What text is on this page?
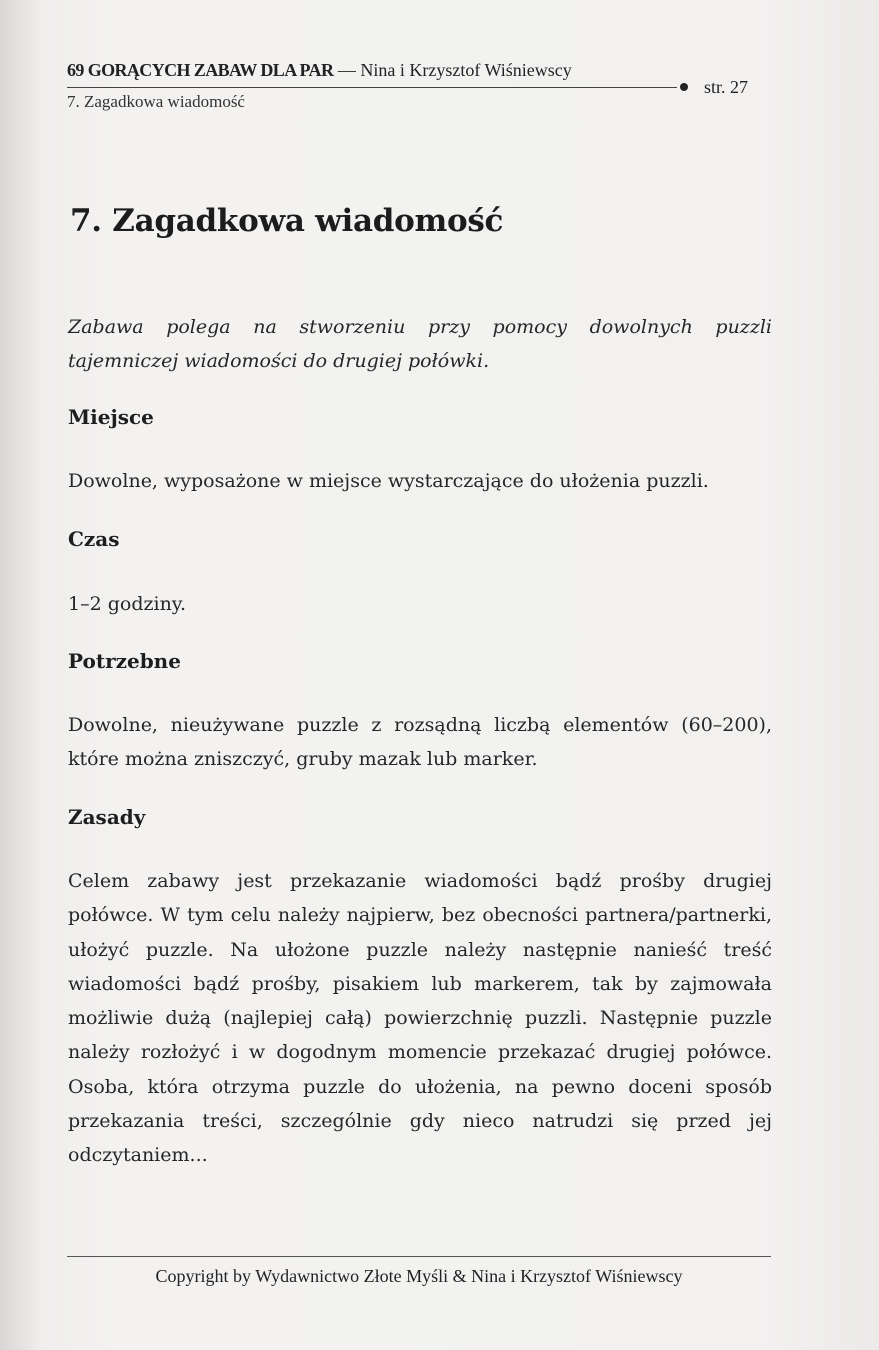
69 GORĄCYCH ZABAW DLA PAR — Nina i Krzysztof Wiśniewscy
str. 27
7. Zagadkowa wiadomość
7. Zagadkowa wiadomość
Zabawa polega na stworzeniu przy pomocy dowolnych puzzli tajemniczej wiadomości do drugiej połówki.
Miejsce
Dowolne, wyposażone w miejsce wystarczające do ułożenia puzzli.
Czas
1–2 godziny.
Potrzebne
Dowolne, nieużywane puzzle z rozsądną liczbą elementów (60–200), które można zniszczyć, gruby mazak lub marker.
Zasady
Celem zabawy jest przekazanie wiadomości bądź prośby drugiej połówce. W tym celu należy najpierw, bez obecności partnera/partnerki, ułożyć puzzle. Na ułożone puzzle należy następnie nanieść treść wiadomości bądź prośby, pisakiem lub markerem, tak by zajmowała możliwie dużą (najlepiej całą) powierzchnię puzzli. Następnie puzzle należy rozłożyć i w dogodnym momencie przekazać drugiej połówce. Osoba, która otrzyma puzzle do ułożenia, na pewno doceni sposób przekazania treści, szczególnie gdy nieco natrudzi się przed jej odczytaniem...
Copyright by Wydawnictwo Złote Myśli & Nina i Krzysztof Wiśniewscy
